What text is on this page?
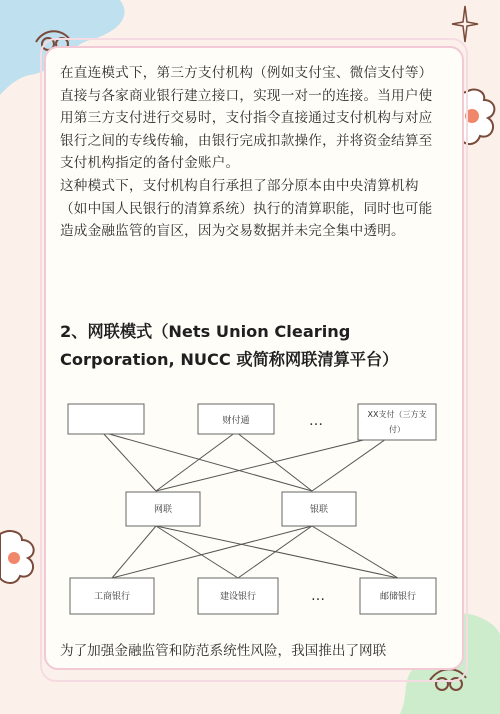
在直连模式下，第三方支付机构（例如支付宝、微信支付等）直接与各家商业银行建立接口，实现一对一的连接。当用户使用第三方支付进行交易时，支付指令直接通过支付机构与对应银行之间的专线传输，由银行完成扣款操作，并将资金结算至支付机构指定的备付金账户。

这种模式下，支付机构自行承担了部分原本由中央清算机构（如中国人民银行的清算系统）执行的清算职能，同时也可能造成金融监管的盲区，因为交易数据并未完全集中透明。

2、网联模式（Nets Union Clearing Corporation, NUCC 或简称网联清算平台）
财付通	…	XX支付（三方支
付）
网联	银联
工商银行	建设银行	…	邮储银行

为了加强金融监管和防范系统性风险，我国推出了网联
